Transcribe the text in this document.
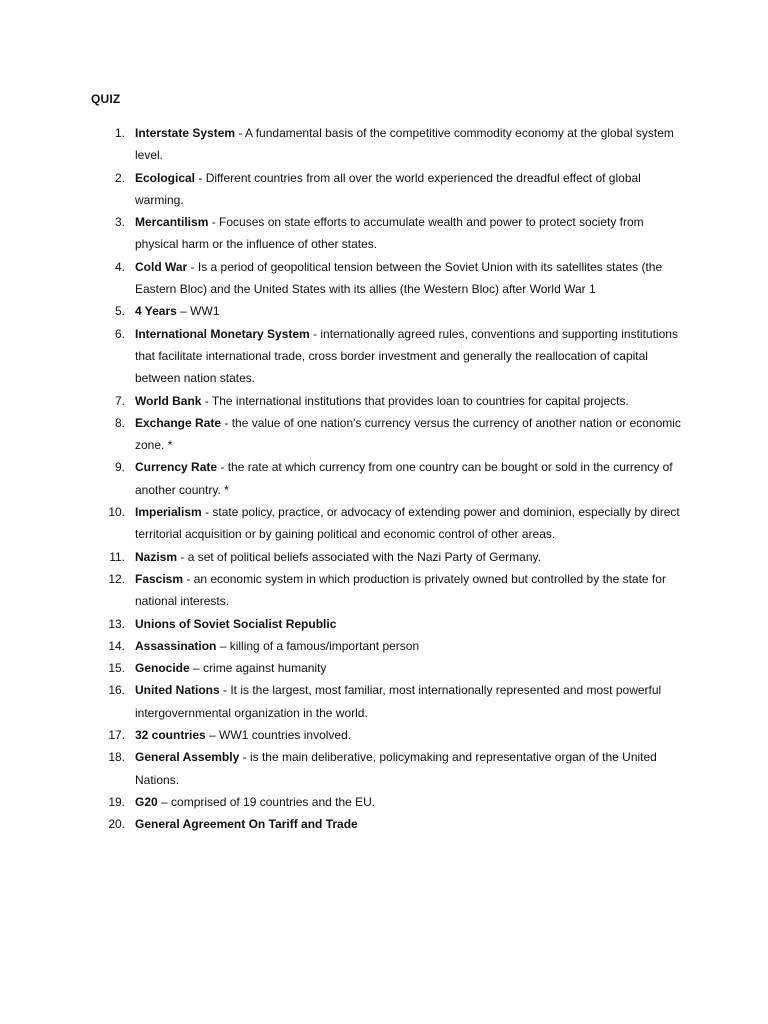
QUIZ
1. Interstate System - A fundamental basis of the competitive commodity economy at the global system level.
2. Ecological - Different countries from all over the world experienced the dreadful effect of global warming.
3. Mercantilism - Focuses on state efforts to accumulate wealth and power to protect society from physical harm or the influence of other states.
4. Cold War - Is a period of geopolitical tension between the Soviet Union with its satellites states (the Eastern Bloc) and the United States with its allies (the Western Bloc) after World War 1
5. 4 Years – WW1
6. International Monetary System - internationally agreed rules, conventions and supporting institutions that facilitate international trade, cross border investment and generally the reallocation of capital between nation states.
7. World Bank - The international institutions that provides loan to countries for capital projects.
8. Exchange Rate - the value of one nation's currency versus the currency of another nation or economic zone. *
9. Currency Rate - the rate at which currency from one country can be bought or sold in the currency of another country. *
10. Imperialism - state policy, practice, or advocacy of extending power and dominion, especially by direct territorial acquisition or by gaining political and economic control of other areas.
11. Nazism - a set of political beliefs associated with the Nazi Party of Germany.
12. Fascism - an economic system in which production is privately owned but controlled by the state for national interests.
13. Unions of Soviet Socialist Republic
14. Assassination – killing of a famous/important person
15. Genocide – crime against humanity
16. United Nations - It is the largest, most familiar, most internationally represented and most powerful intergovernmental organization in the world.
17. 32 countries – WW1 countries involved.
18. General Assembly - is the main deliberative, policymaking and representative organ of the United Nations.
19. G20 – comprised of 19 countries and the EU.
20. General Agreement On Tariff and Trade
